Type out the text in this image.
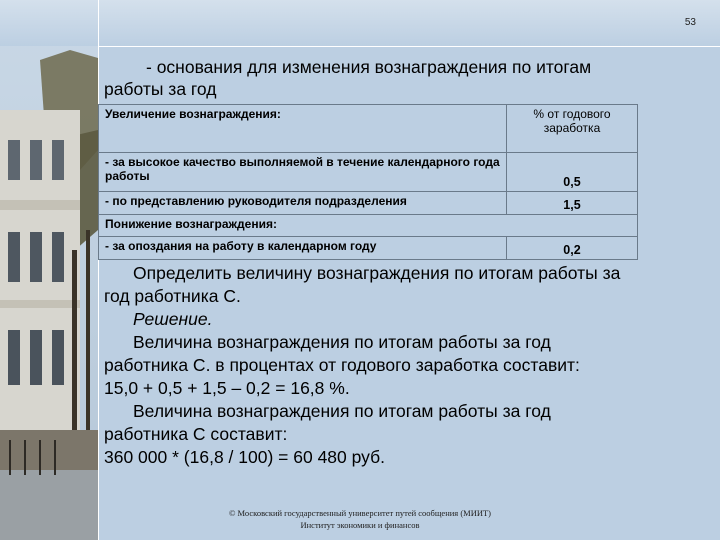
53
- основания для изменения вознаграждения по итогам
работы за год
Увеличение вознаграждения:	% от годового заработка
- за высокое качество выполняемой в течение календарного года работы	0,5
- по представлению руководителя подразделения	1,5
Понижение вознаграждения:	
- за опоздания на работу в календарном году	0,2

Определить величину вознаграждения по итогам работы за

год работника С.

Решение.

Величина вознаграждения по итогам работы за год

работника С. в процентах от годового заработка составит:

15,0 + 0,5 + 1,5 – 0,2 = 16,8 %.

Величина вознаграждения по итогам работы за год

работника С составит:

360 000 * (16,8 / 100) = 60 480 руб.

© Московский государственный университет путей сообщения (МИИТ)
Институт экономики и финансов
